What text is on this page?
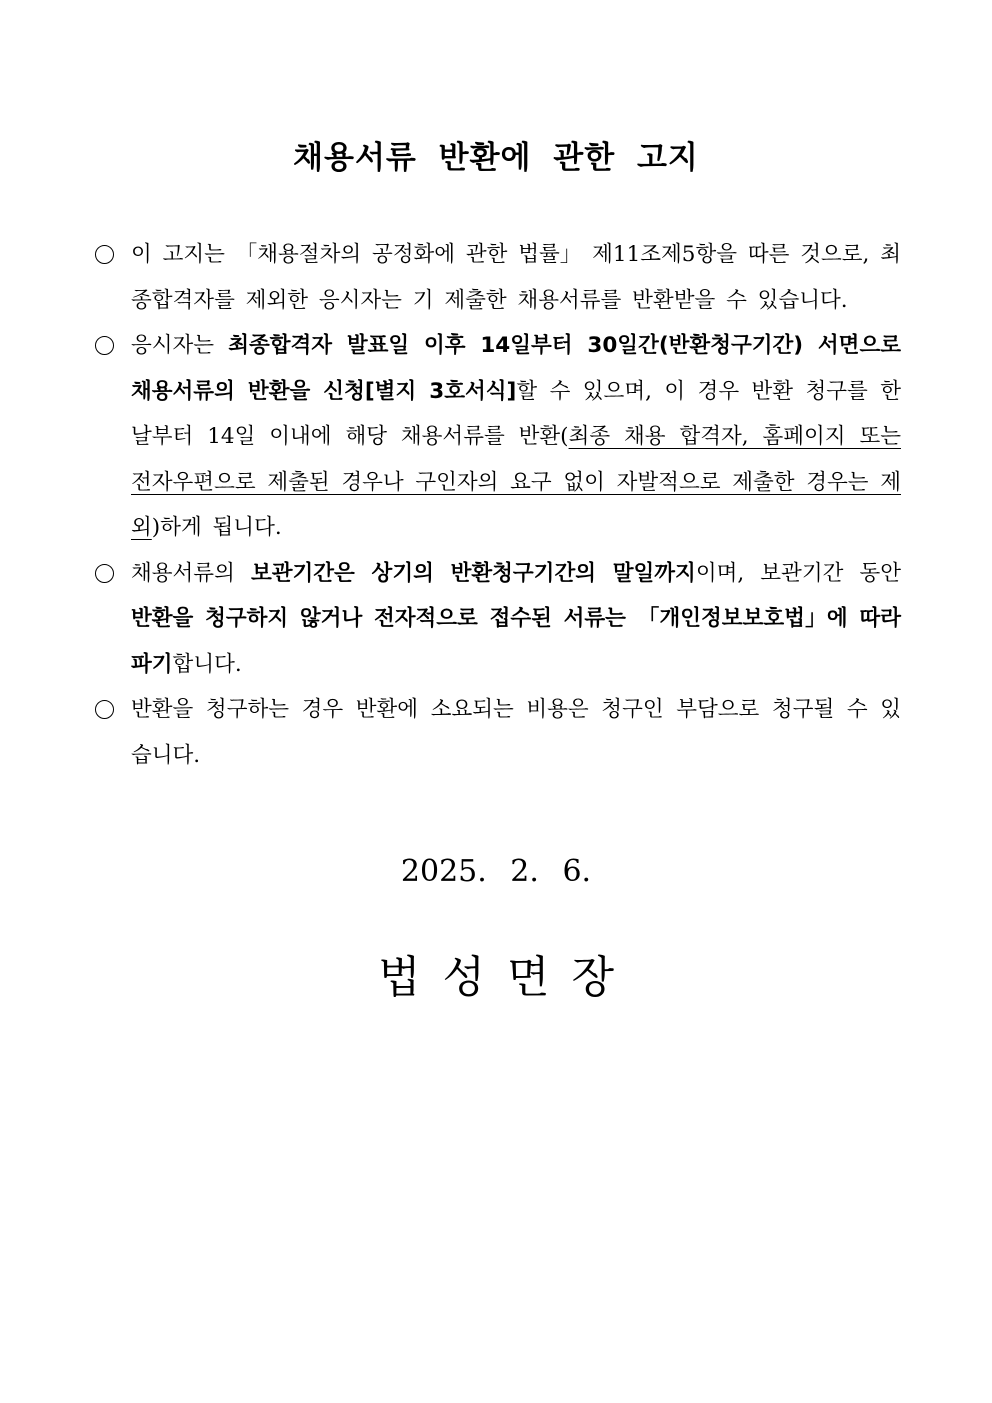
채용서류 반환에 관한 고지
이 고지는 「채용절차의 공정화에 관한 법률」 제11조제5항을 따른 것으로, 최종합격자를 제외한 응시자는 기 제출한 채용서류를 반환받을 수 있습니다.
응시자는 최종합격자 발표일 이후 14일부터 30일간(반환청구기간) 서면으로 채용서류의 반환을 신청[별지 3호서식]할 수 있으며, 이 경우 반환 청구를 한 날부터 14일 이내에 해당 채용서류를 반환(최종 채용 합격자, 홈페이지 또는 전자우편으로 제출된 경우나 구인자의 요구 없이 자발적으로 제출한 경우는 제외)하게 됩니다.
채용서류의 보관기간은 상기의 반환청구기간의 말일까지이며, 보관기간 동안 반환을 청구하지 않거나 전자적으로 접수된 서류는 「개인정보보호법」에 따라 파기합니다.
반환을 청구하는 경우 반환에 소요되는 비용은 청구인 부담으로 청구될 수 있습니다.
2025. 2. 6.
법성면장
